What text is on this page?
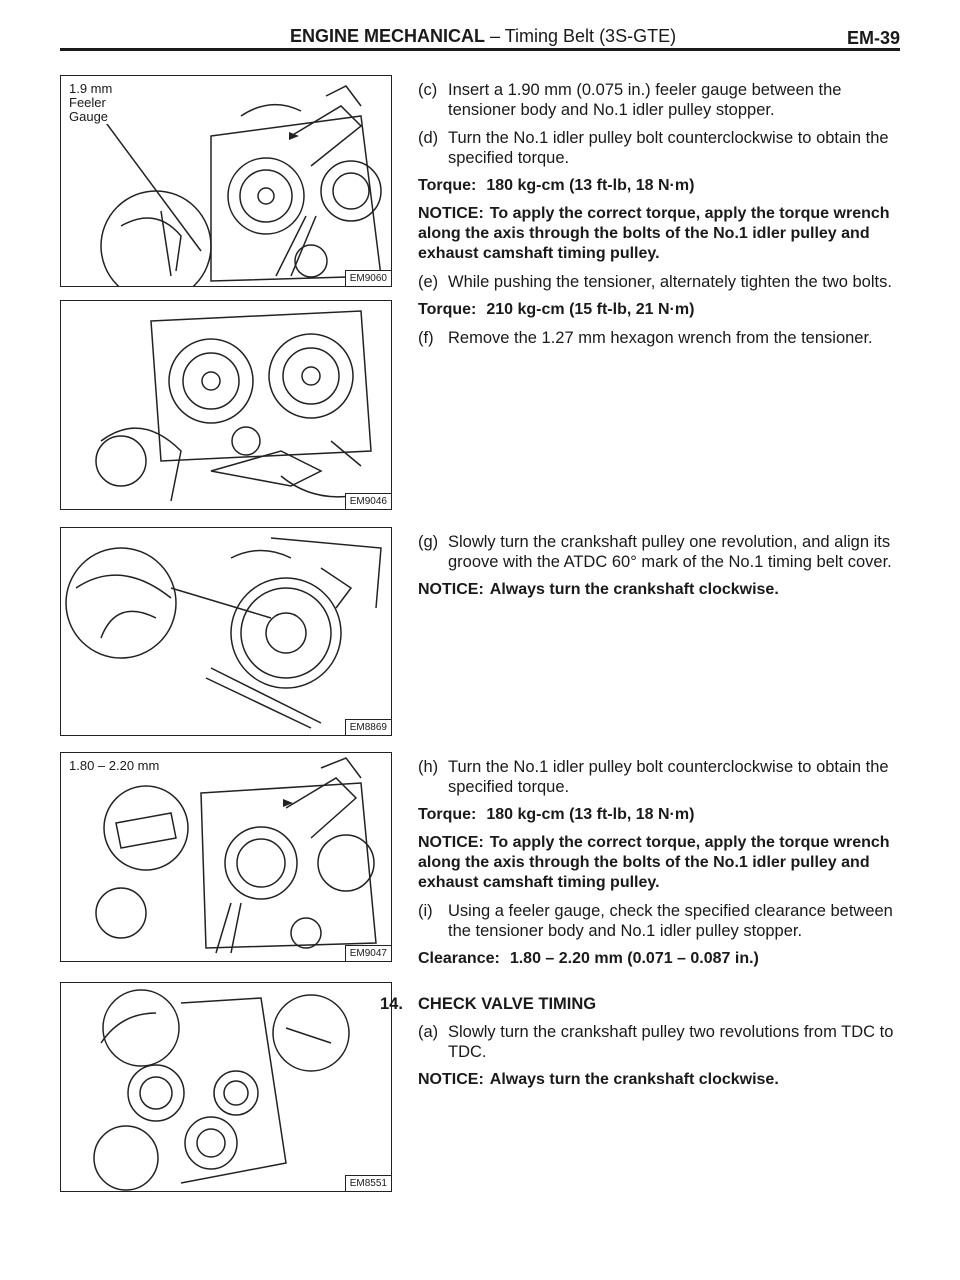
ENGINE MECHANICAL – Timing Belt (3S-GTE)	EM-39
1.9 mm
Feeler
Gauge
EM9060
EM9046
EM8869
1.80 – 2.20 mm
EM9047
EM8551
(c) Insert a 1.90 mm (0.075 in.) feeler gauge between the tensioner body and No.1 idler pulley stopper.
(d) Turn the No.1 idler pulley bolt counterclockwise to obtain the specified torque.
Torque: 180 kg-cm (13 ft-lb, 18 N·m)
NOTICE: To apply the correct torque, apply the torque wrench along the axis through the bolts of the No.1 idler pulley and exhaust camshaft timing pulley.
(e) While pushing the tensioner, alternately tighten the two bolts.
Torque: 210 kg-cm (15 ft-lb, 21 N·m)
(f) Remove the 1.27 mm hexagon wrench from the tensioner.
(g) Slowly turn the crankshaft pulley one revolution, and align its groove with the ATDC 60° mark of the No.1 timing belt cover.
NOTICE: Always turn the crankshaft clockwise.
(h) Turn the No.1 idler pulley bolt counterclockwise to obtain the specified torque.
Torque: 180 kg-cm (13 ft-lb, 18 N·m)
NOTICE: To apply the correct torque, apply the torque wrench along the axis through the bolts of the No.1 idler pulley and exhaust camshaft timing pulley.
(i) Using a feeler gauge, check the specified clearance between the tensioner body and No.1 idler pulley stopper.
Clearance: 1.80 – 2.20 mm (0.071 – 0.087 in.)
14. CHECK VALVE TIMING
(a) Slowly turn the crankshaft pulley two revolutions from TDC to TDC.
NOTICE: Always turn the crankshaft clockwise.
